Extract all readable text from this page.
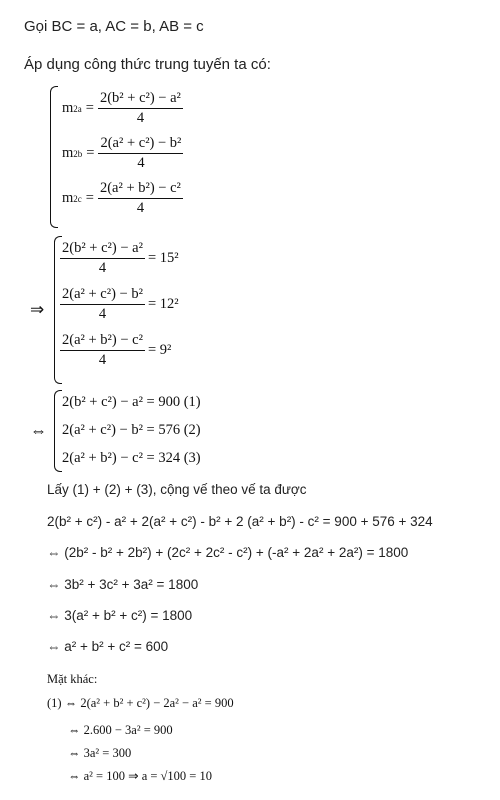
Gọi BC = a, AC = b, AB = c
Áp dụng công thức trung tuyến ta có:
m 2 $a = \frac{\text{2(b² + c²) − a²}}{4}$
m 2 $b = \frac{\text{2(a² + c²) − b²}}{4}$
m 2 $c = \frac{\text{2(a² + b²) − c²}}{4}$
⇒
$\frac{\text{2(b² + c²) − a²}}{4} = 15^2$
$\frac{\text{2(a² + c²) − b²}}{4} = 12^2$
$\frac{\text{2(a² + b²) − c²}}{4} = 9^2$
⇔
2(b² + c²) − a² = 900 (1)
2(a² + c²) − b² = 576 (2)
2(a² + b²) − c² = 324 (3)
Lấy (1) + (2) + (3), cộng vế theo vế ta được
2(b² + c²) - a² + 2(a² + c²) - b² + 2 (a² + b²) - c² = 900 + 576 + 324
⇔ (2b² - b² + 2b²) + (2c² + 2c² - c²) + (-a² + 2a² + 2a²) = 1800
⇔ 3b² + 3c² + 3a² = 1800
⇔ 3(a² + b² + c²) = 1800
⇔ a² + b² + c² = 600
Mặt khác:
(1) ⇔ 2(a² + b² + c²) − 2a² − a² = 900
⇔ 2.600 − 3a² = 900
⇔ 3a² = 300
⇔ a² = 100 ⇒ a = √100 = 10
